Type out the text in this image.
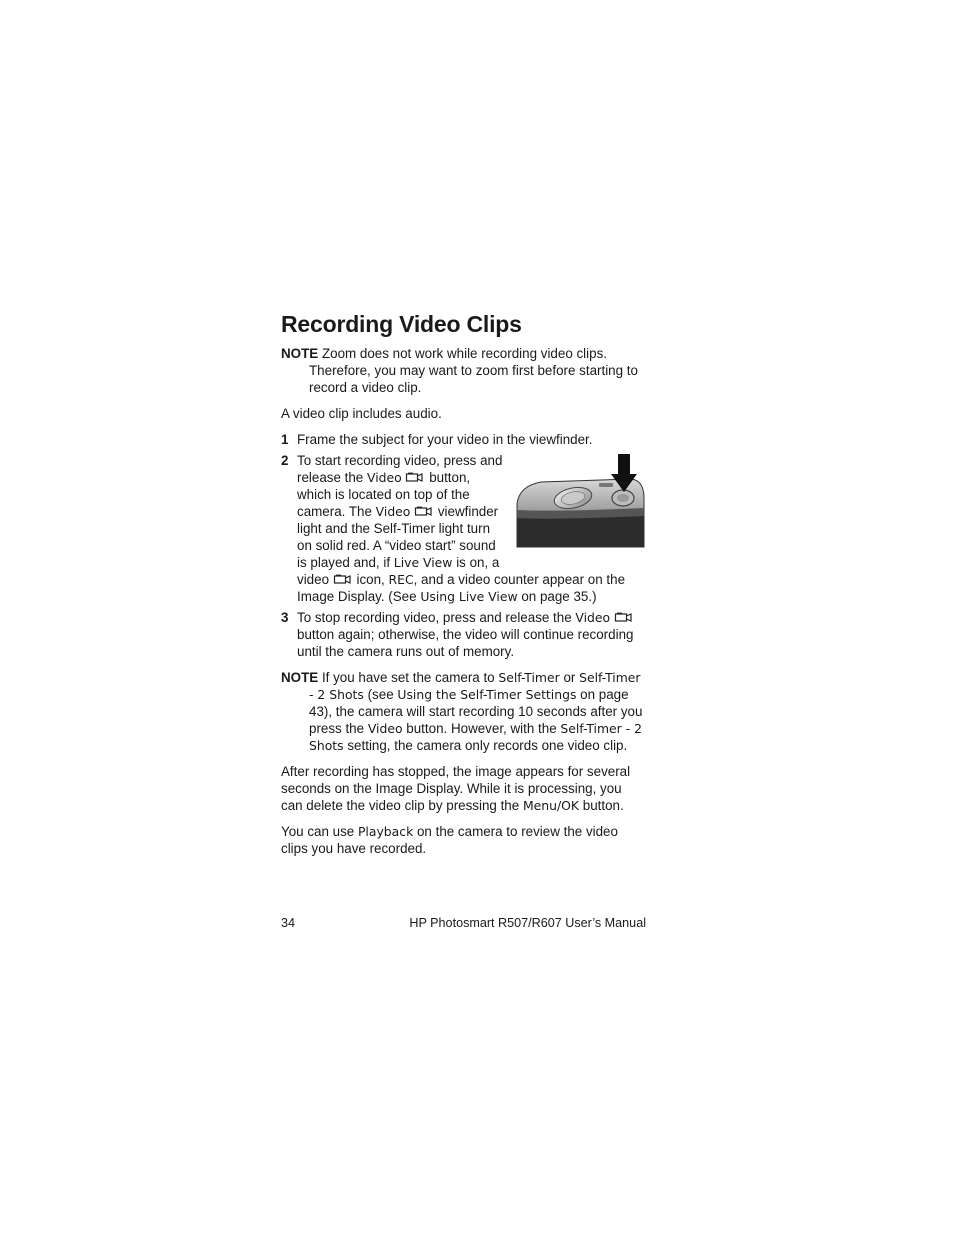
Recording Video Clips
NOTE Zoom does not work while recording video clips. Therefore, you may want to zoom first before starting to record a video clip.

A video clip includes audio.

1 Frame the subject for your video in the viewfinder.
2 To start recording video, press and release the Video button, which is located on top of the camera. The Video viewfinder light and the Self-Timer light turn on solid red. A “video start” sound is played and, if Live View is on, a video icon, REC, and a video counter appear on the Image Display. (See Using Live View on page 35.)
3 To stop recording video, press and release the Video  button again; otherwise, the video will continue recording until the camera runs out of memory.
NOTE If you have set the camera to Self-Timer or Self-Timer - 2 Shots (see Using the Self-Timer Settings on page 43), the camera will start recording 10 seconds after you press the Video button. However, with the Self-Timer - 2 Shots setting, the camera only records one video clip.

After recording has stopped, the image appears for several seconds on the Image Display. While it is processing, you can delete the video clip by pressing the Menu/OK button.

You can use Playback on the camera to review the video clips you have recorded.

34	HP Photosmart R507/R607 User’s Manual
